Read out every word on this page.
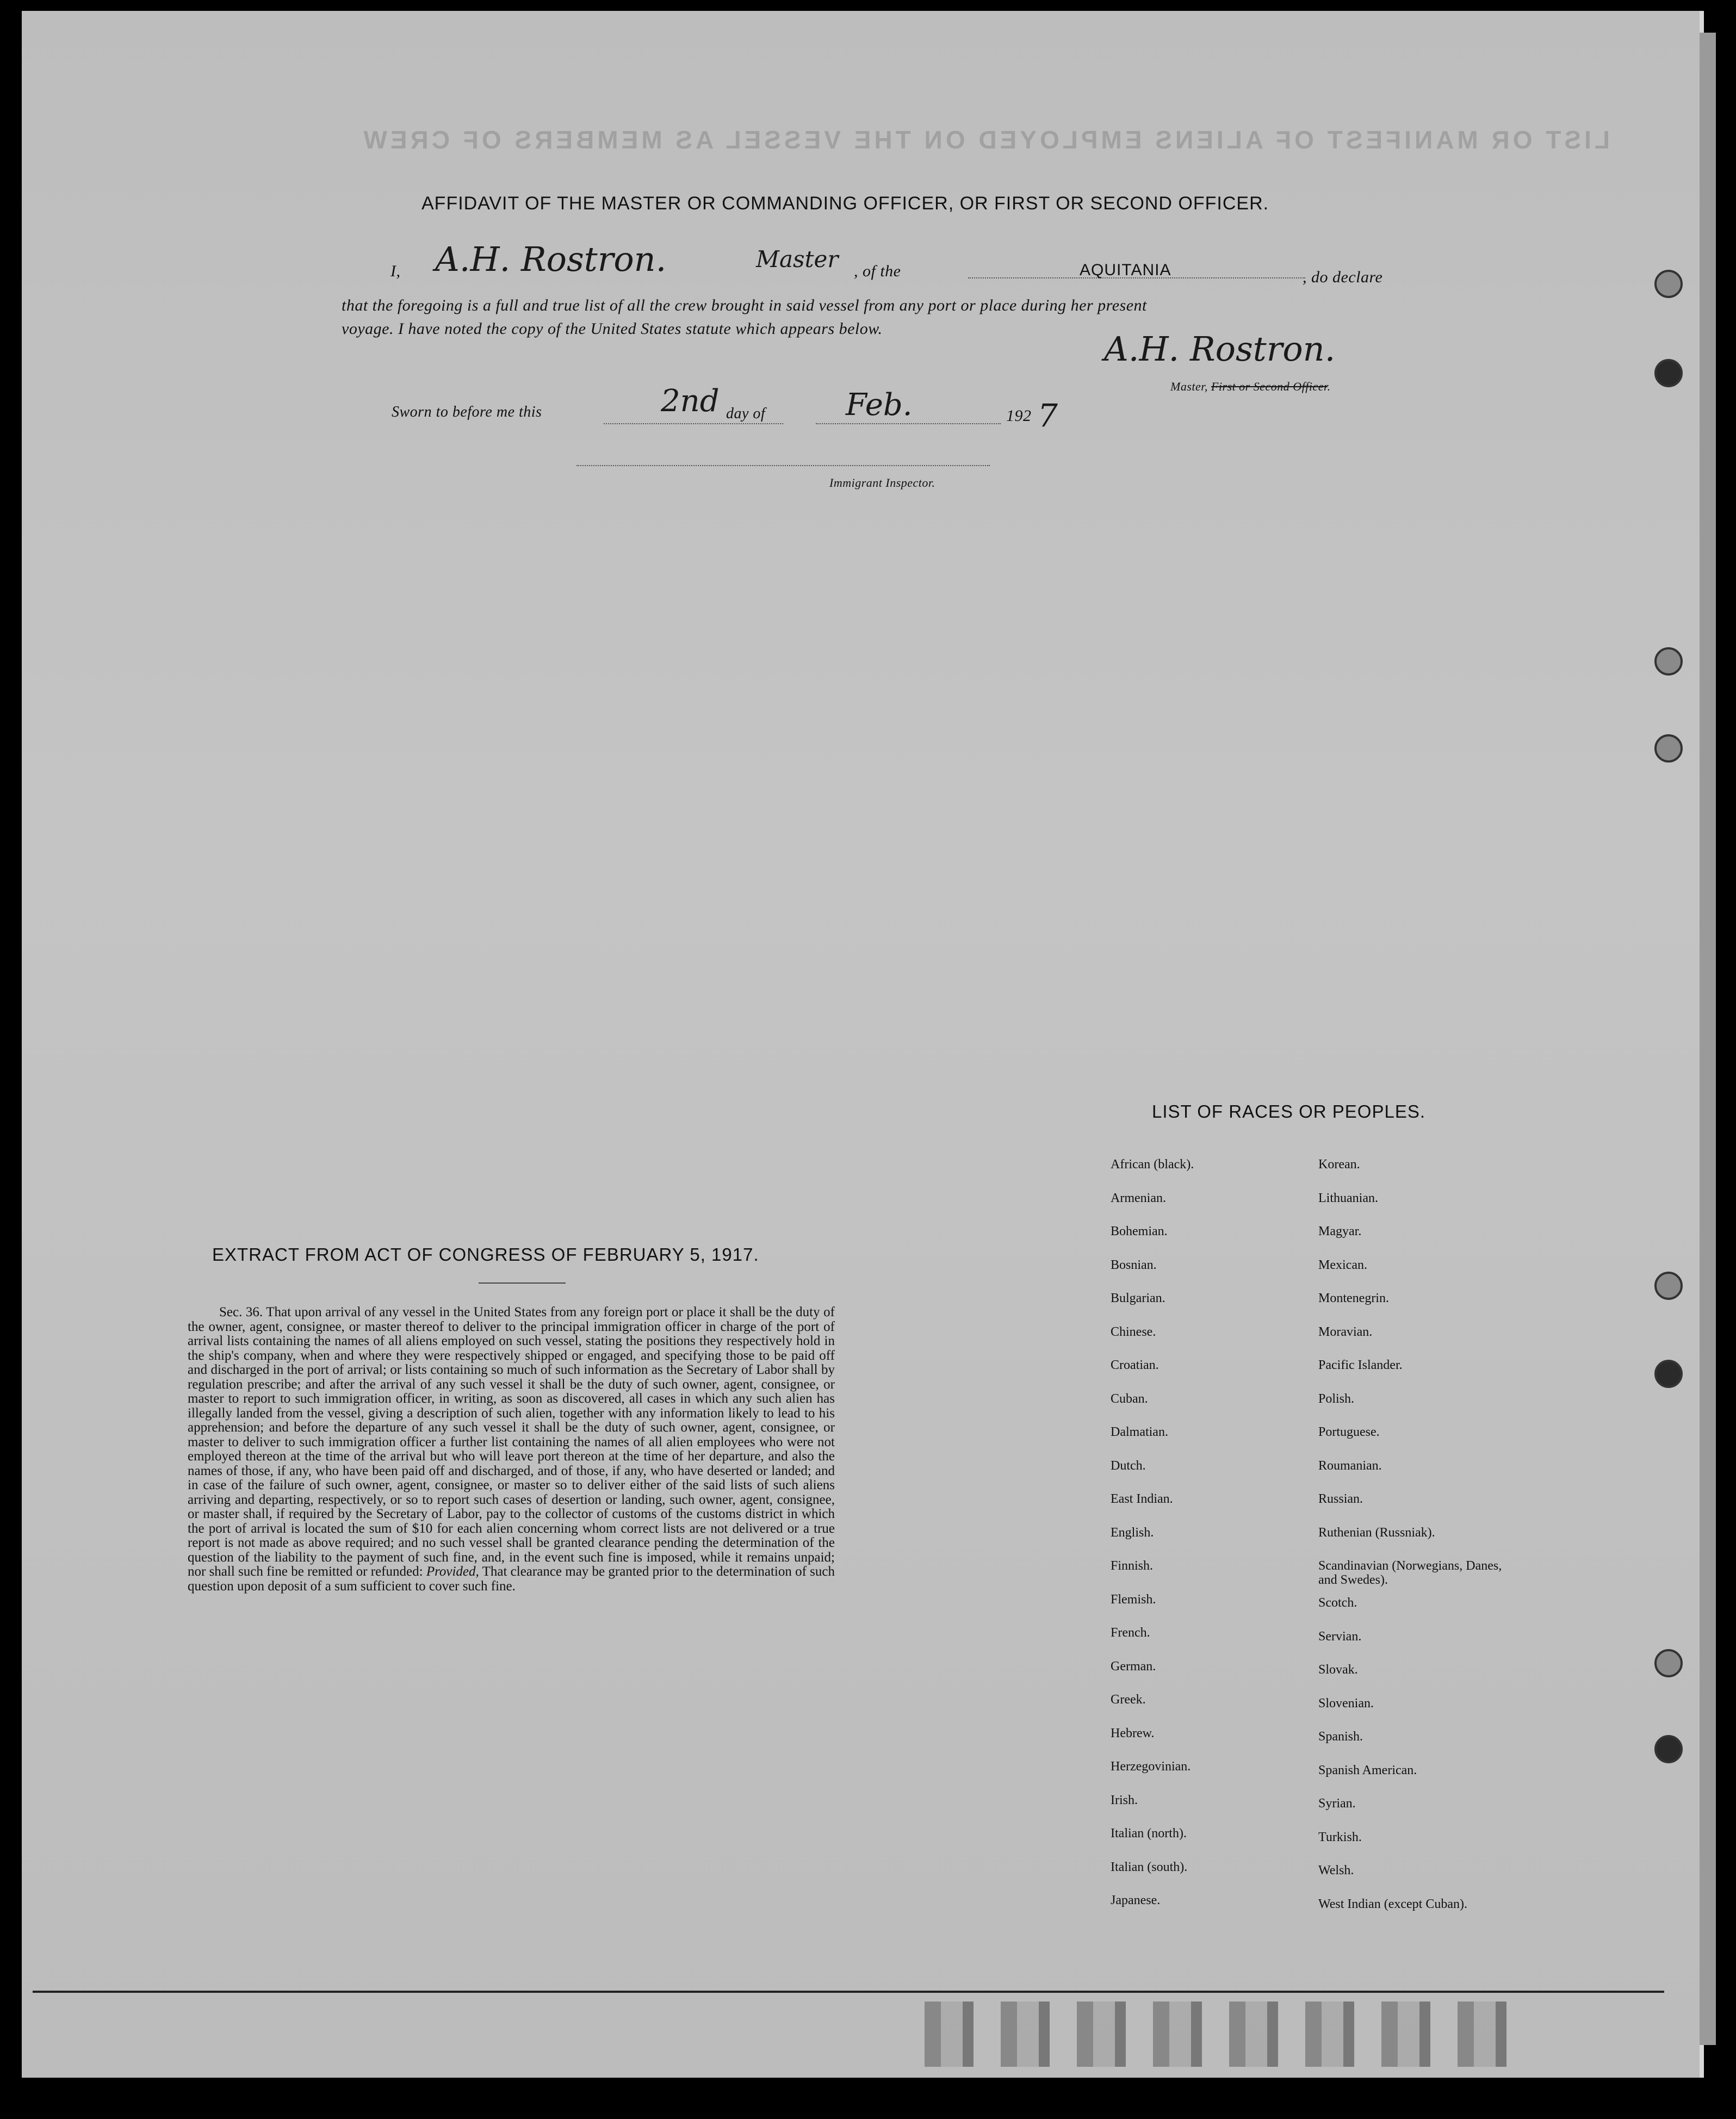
LIST OR MANIFEST OF ALIENS EMPLOYED ON THE VESSEL AS MEMBERS OF CREW
AFFIDAVIT OF THE MASTER OR COMMANDING OFFICER, OR FIRST OR SECOND OFFICER.
I, A.H. Rostron.	Master , of the	AQUITANIA	, do declare
that the foregoing is a full and true list of all the crew brought in said vessel from any port or place during her present
voyage. I have noted the copy of the United States statute which appears below.
A.H. Rostron.
Master, First or Second Officer.
Sworn to before me this	2nd day of	Feb.	192 7
Immigrant Inspector.
EXTRACT FROM ACT OF CONGRESS OF FEBRUARY 5, 1917.

Sec. 36. That upon arrival of any vessel in the United States from any foreign port or place it shall be the duty of the owner, agent, consignee, or master thereof to deliver to the principal immigration officer in charge of the port of arrival lists containing the names of all aliens employed on such vessel, stating the positions they respectively hold in the ship's company, when and where they were respectively shipped or engaged, and specifying those to be paid off and discharged in the port of arrival; or lists containing so much of such information as the Secretary of Labor shall by regulation prescribe; and after the arrival of any such vessel it shall be the duty of such owner, agent, consignee, or master to report to such immigration officer, in writing, as soon as discovered, all cases in which any such alien has illegally landed from the vessel, giving a description of such alien, together with any information likely to lead to his apprehension; and before the departure of any such vessel it shall be the duty of such owner, agent, consignee, or master to deliver to such immigration officer a further list containing the names of all alien employees who were not employed thereon at the time of the arrival but who will leave port thereon at the time of her departure, and also the names of those, if any, who have been paid off and discharged, and of those, if any, who have deserted or landed; and in case of the failure of such owner, agent, consignee, or master so to deliver either of the said lists of such aliens arriving and departing, respectively, or so to report such cases of desertion or landing, such owner, agent, consignee, or master shall, if required by the Secretary of Labor, pay to the collector of customs of the customs district in which the port of arrival is located the sum of $10 for each alien concerning whom correct lists are not delivered or a true report is not made as above required; and no such vessel shall be granted clearance pending the determination of the question of the liability to the payment of such fine, and, in the event such fine is imposed, while it remains unpaid; nor shall such fine be remitted or refunded: Provided, That clearance may be granted prior to the determination of such question upon deposit of a sum sufficient to cover such fine.

LIST OF RACES OR PEOPLES.
African (black).
Armenian.
Bohemian.
Bosnian.
Bulgarian.
Chinese.
Croatian.
Cuban.
Dalmatian.
Dutch.
East Indian.
English.
Finnish.
Flemish.
French.
German.
Greek.
Hebrew.
Herzegovinian.
Irish.
Italian (north).
Italian (south).
Japanese.
Korean.
Lithuanian.
Magyar.
Mexican.
Montenegrin.
Moravian.
Pacific Islander.
Polish.
Portuguese.
Roumanian.
Russian.
Ruthenian (Russniak).
Scandinavian (Norwegians, Danes, and Swedes).
Scotch.
Servian.
Slovak.
Slovenian.
Spanish.
Spanish American.
Syrian.
Turkish.
Welsh.
West Indian (except Cuban).
